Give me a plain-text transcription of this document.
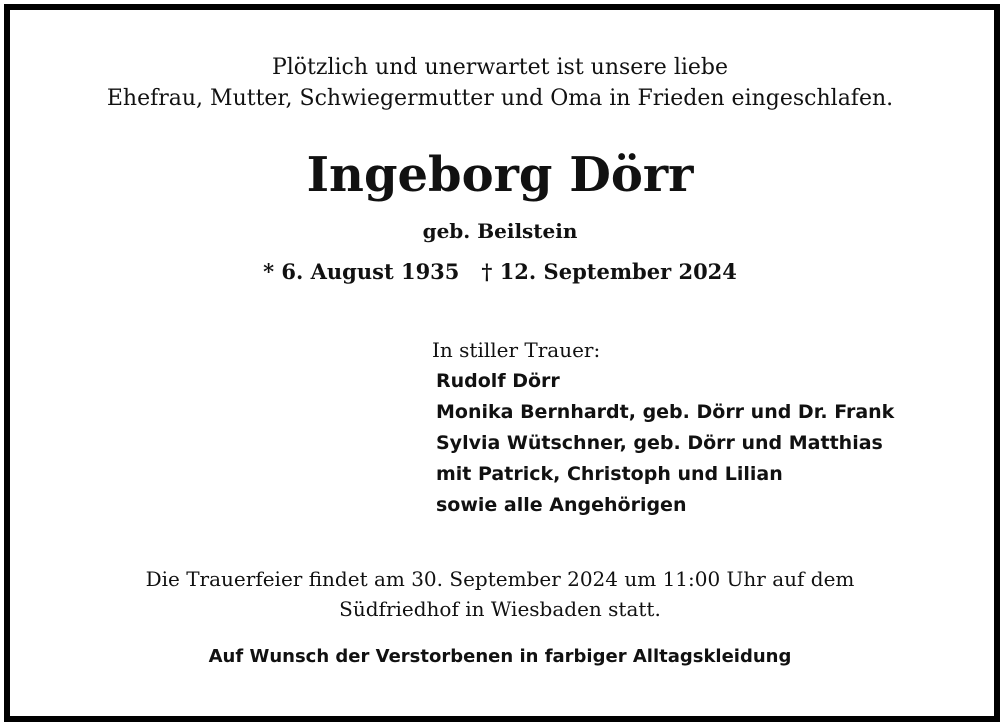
Plötzlich und unerwartet ist unsere liebe
Ehefrau, Mutter, Schwiegermutter und Oma in Frieden eingeschlafen.
Ingeborg Dörr
geb. Beilstein
* 6. August 1935 † 12. September 2024
In stiller Trauer:
Rudolf Dörr
Monika Bernhardt, geb. Dörr und Dr. Frank
Sylvia Wütschner, geb. Dörr und Matthias
mit Patrick, Christoph und Lilian
sowie alle Angehörigen
Die Trauerfeier findet am 30. September 2024 um 11:00 Uhr auf dem
Südfriedhof in Wiesbaden statt.
Auf Wunsch der Verstorbenen in farbiger Alltagskleidung
